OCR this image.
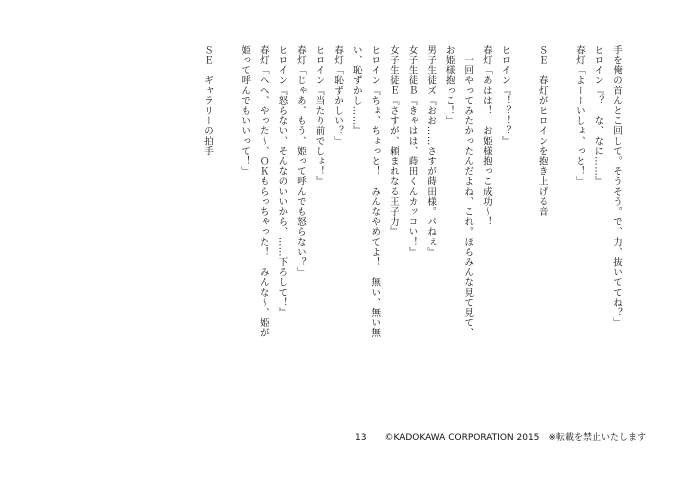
手を俺の首んとこ回して。そうそう。で、力、抜いててね？」
ヒロイン『？　な、なに……』
春灯「よーーいしょ、っと！」

ＳＥ　春灯がヒロインを抱き上げる音

ヒロイン『！？！？』
春灯「あはは！　お姫様抱っこ成功～！
　一回やってみたかったんだよね、これ。ほらみんな見て見て、
お姫様抱っこ！」
男子生徒ズ『おお……さすが蒔田様。パねぇ』
女子生徒Ｂ『きゃはは、蒔田くんカッコい！』
女子生徒Ｅ『さすが、頼まれなる王子力』
ヒロイン『ちょ、ちょっと！　みんなやめてよ！　無い、無い無
い、恥ずかし……』
春灯「恥ずかしい？」
ヒロイン『当たり前でしょ！』
春灯「じゃあ、もう、姫って呼んでも怒らない？」
ヒロイン『怒らない、そんなのいいから、……下ろして！』
春灯「へへ、やった～、ＯＫもらっちゃった！　みんな～、姫が
姫って呼んでもいいって！」

ＳＥ　ギャラリーの拍手
13 ©KADOKAWA CORPORATION 2015　※転載を禁止いたします
